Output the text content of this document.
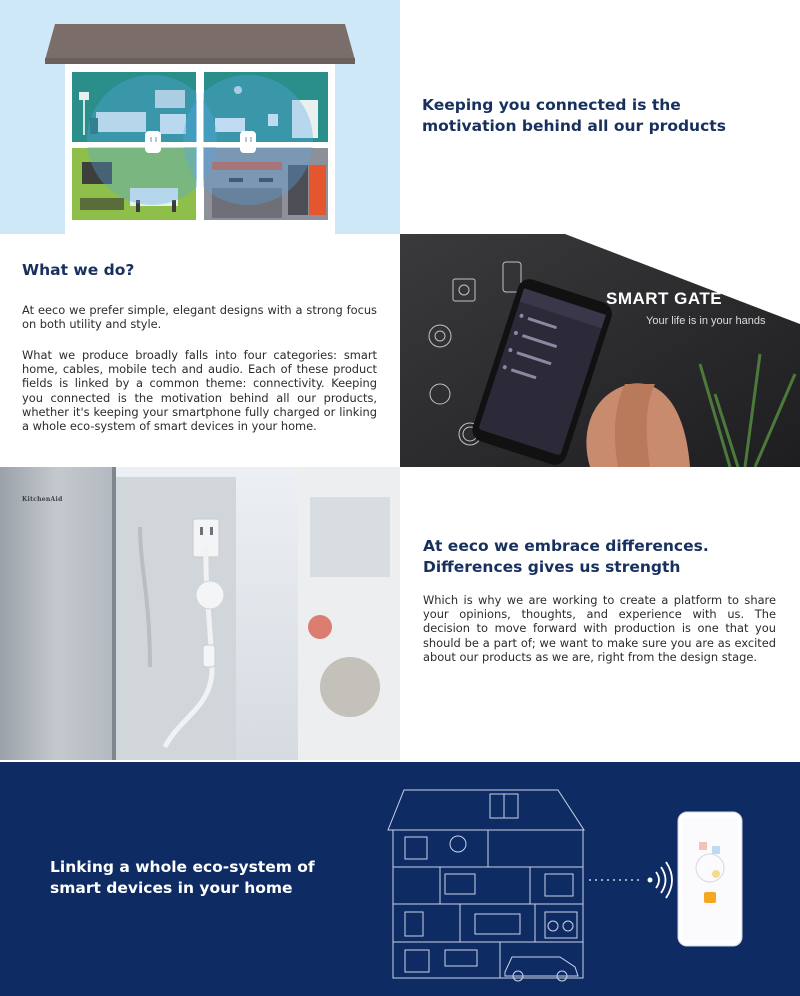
Keeping you connected is the motivation behind all our products
What we do?

At eeco we prefer simple, elegant designs with a strong focus on both utility and style.

What we produce broadly falls into four categories: smart home, cables, mobile tech and audio. Each of these product fields is linked by a common theme: connectivity. Keeping you connected is the motivation behind all our products, whether it's keeping your smartphone fully charged or linking a whole eco-system of smart devices in your home.

SMART GATE
Your life is in your hands
KitchenAid
At eeco we embrace differences. Differences gives us strength

Which is why we are working to create a platform to share your opinions, thoughts, and experience with us. The decision to move forward with production is one that you should be a part of; we want to make sure you are as excited about our products as we are, right from the design stage.

Linking a whole eco-system of smart devices in your home
